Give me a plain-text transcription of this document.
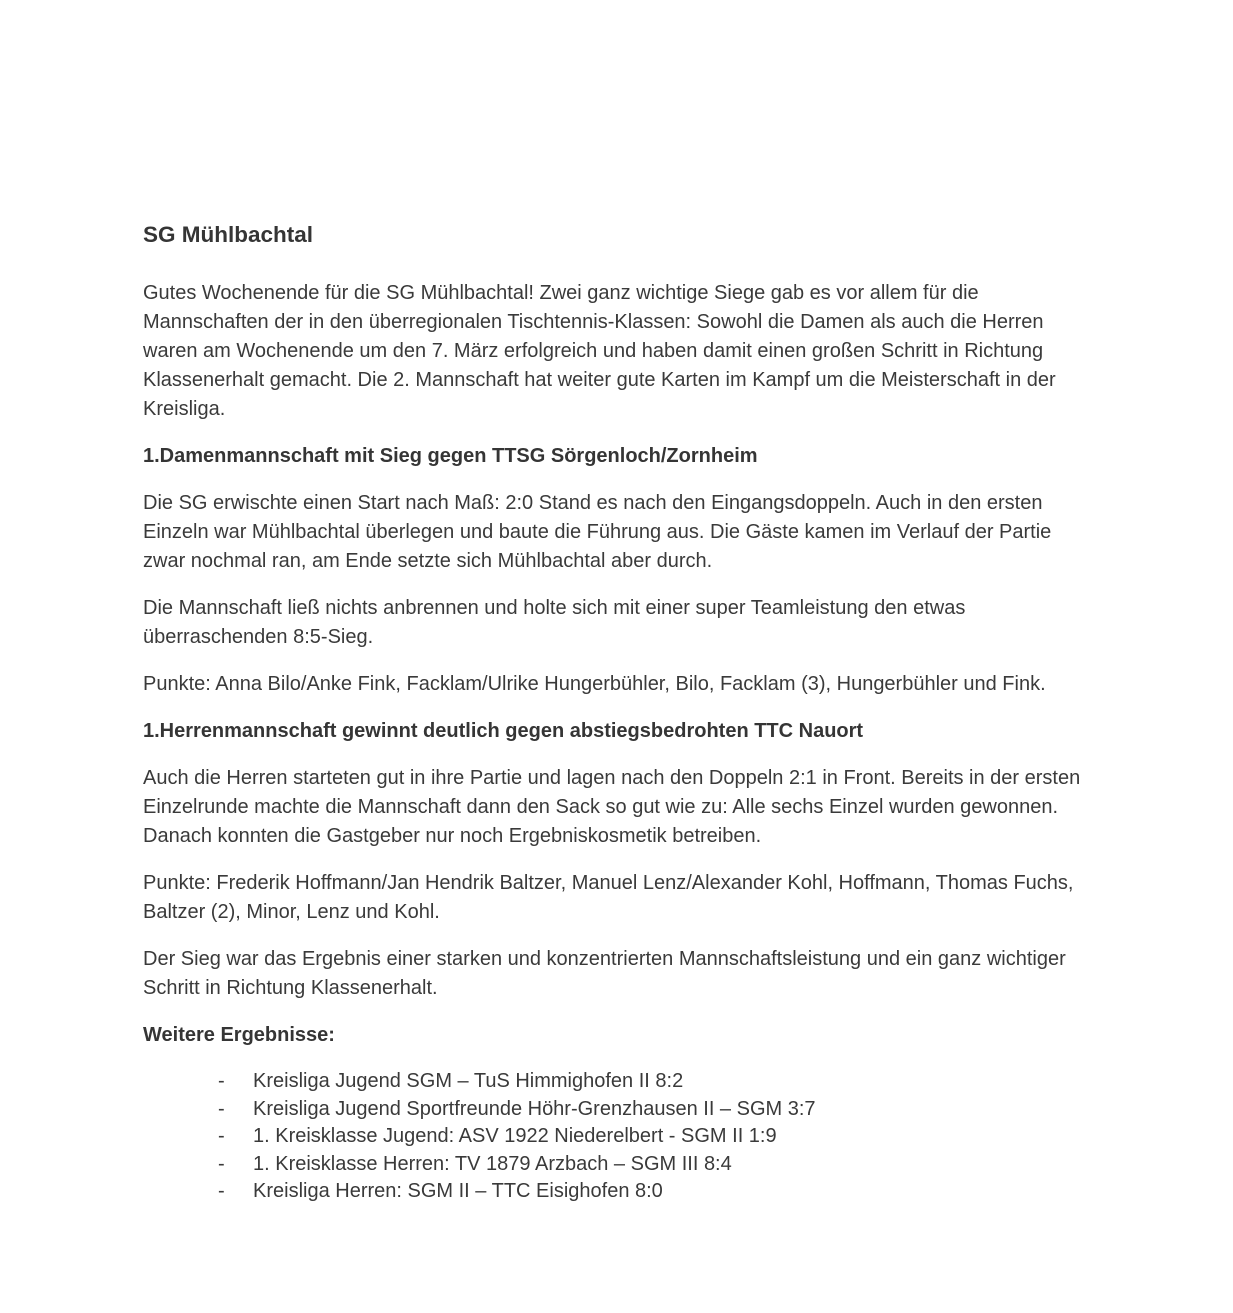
SG Mühlbachtal

Gutes Wochenende für die SG Mühlbachtal! Zwei ganz wichtige Siege gab es vor allem für die Mannschaften der in den überregionalen Tischtennis-Klassen: Sowohl die Damen als auch die Herren waren am Wochenende um den 7. März erfolgreich und haben damit einen großen Schritt in Richtung Klassenerhalt gemacht. Die 2. Mannschaft hat weiter gute Karten im Kampf um die Meisterschaft in der Kreisliga.

1.Damenmannschaft mit Sieg gegen TTSG Sörgenloch/Zornheim

Die SG erwischte einen Start nach Maß: 2:0 Stand es nach den Eingangsdoppeln. Auch in den ersten Einzeln war Mühlbachtal überlegen und baute die Führung aus. Die Gäste kamen im Verlauf der Partie zwar nochmal ran, am Ende setzte sich Mühlbachtal aber durch.

Die Mannschaft ließ nichts anbrennen und holte sich mit einer super Teamleistung den etwas überraschenden 8:5-Sieg.

Punkte: Anna Bilo/Anke Fink, Facklam/Ulrike Hungerbühler, Bilo, Facklam (3), Hungerbühler und Fink.

1.Herrenmannschaft gewinnt deutlich gegen abstiegsbedrohten TTC Nauort

Auch die Herren starteten gut in ihre Partie und lagen nach den Doppeln 2:1 in Front. Bereits in der ersten Einzelrunde machte die Mannschaft dann den Sack so gut wie zu: Alle sechs Einzel wurden gewonnen. Danach konnten die Gastgeber nur noch Ergebniskosmetik betreiben.

Punkte: Frederik Hoffmann/Jan Hendrik Baltzer, Manuel Lenz/Alexander Kohl, Hoffmann, Thomas Fuchs, Baltzer (2), Minor, Lenz und Kohl.

Der Sieg war das Ergebnis einer starken und konzentrierten Mannschaftsleistung und ein ganz wichtiger Schritt in Richtung Klassenerhalt.

Weitere Ergebnisse:
-	Kreisliga Jugend SGM – TuS Himmighofen II 8:2
-	Kreisliga Jugend Sportfreunde Höhr-Grenzhausen II – SGM 3:7
-	1. Kreisklasse Jugend: ASV 1922 Niederelbert - SGM II 1:9
-	1. Kreisklasse Herren: TV 1879 Arzbach – SGM III 8:4
-	Kreisliga Herren: SGM II – TTC Eisighofen 8:0
